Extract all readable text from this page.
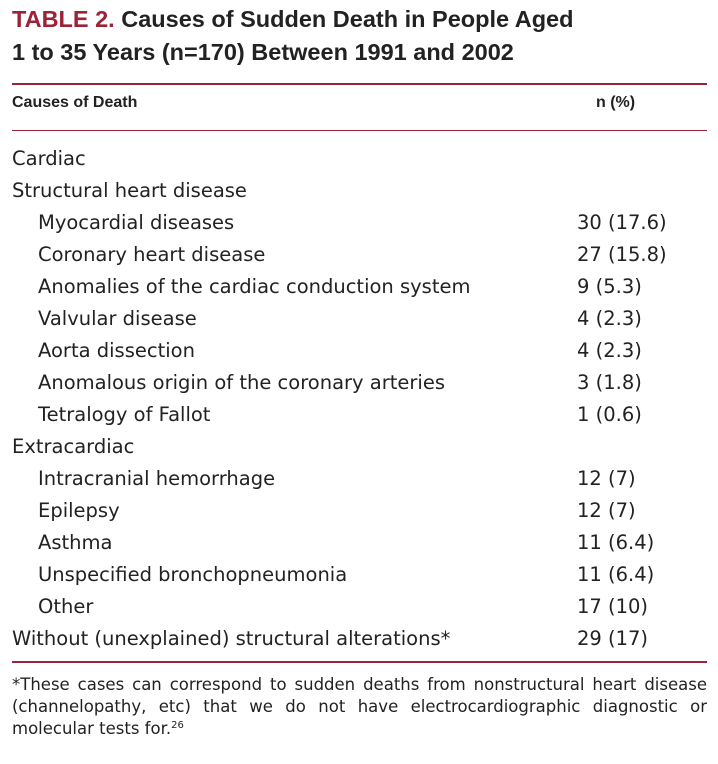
TABLE 2. Causes of Sudden Death in People Aged
1 to 35 Years (n=170) Between 1991 and 2002
Causes of Death	n (%)
Cardiac
Structural heart disease
Myocardial diseases	30 (17.6)
Coronary heart disease	27 (15.8)
Anomalies of the cardiac conduction system	9 (5.3)
Valvular disease	4 (2.3)
Aorta dissection	4 (2.3)
Anomalous origin of the coronary arteries	3 (1.8)
Tetralogy of Fallot	1 (0.6)
Extracardiac
Intracranial hemorrhage	12 (7)
Epilepsy	12 (7)
Asthma	11 (6.4)
Unspecified bronchopneumonia	11 (6.4)
Other	17 (10)
Without (unexplained) structural alterations*	29 (17)

*These cases can correspond to sudden deaths from nonstructural heart disease (channelopathy, etc) that we do not have electrocardiographic diagnostic or molecular tests for.$^{26}$
